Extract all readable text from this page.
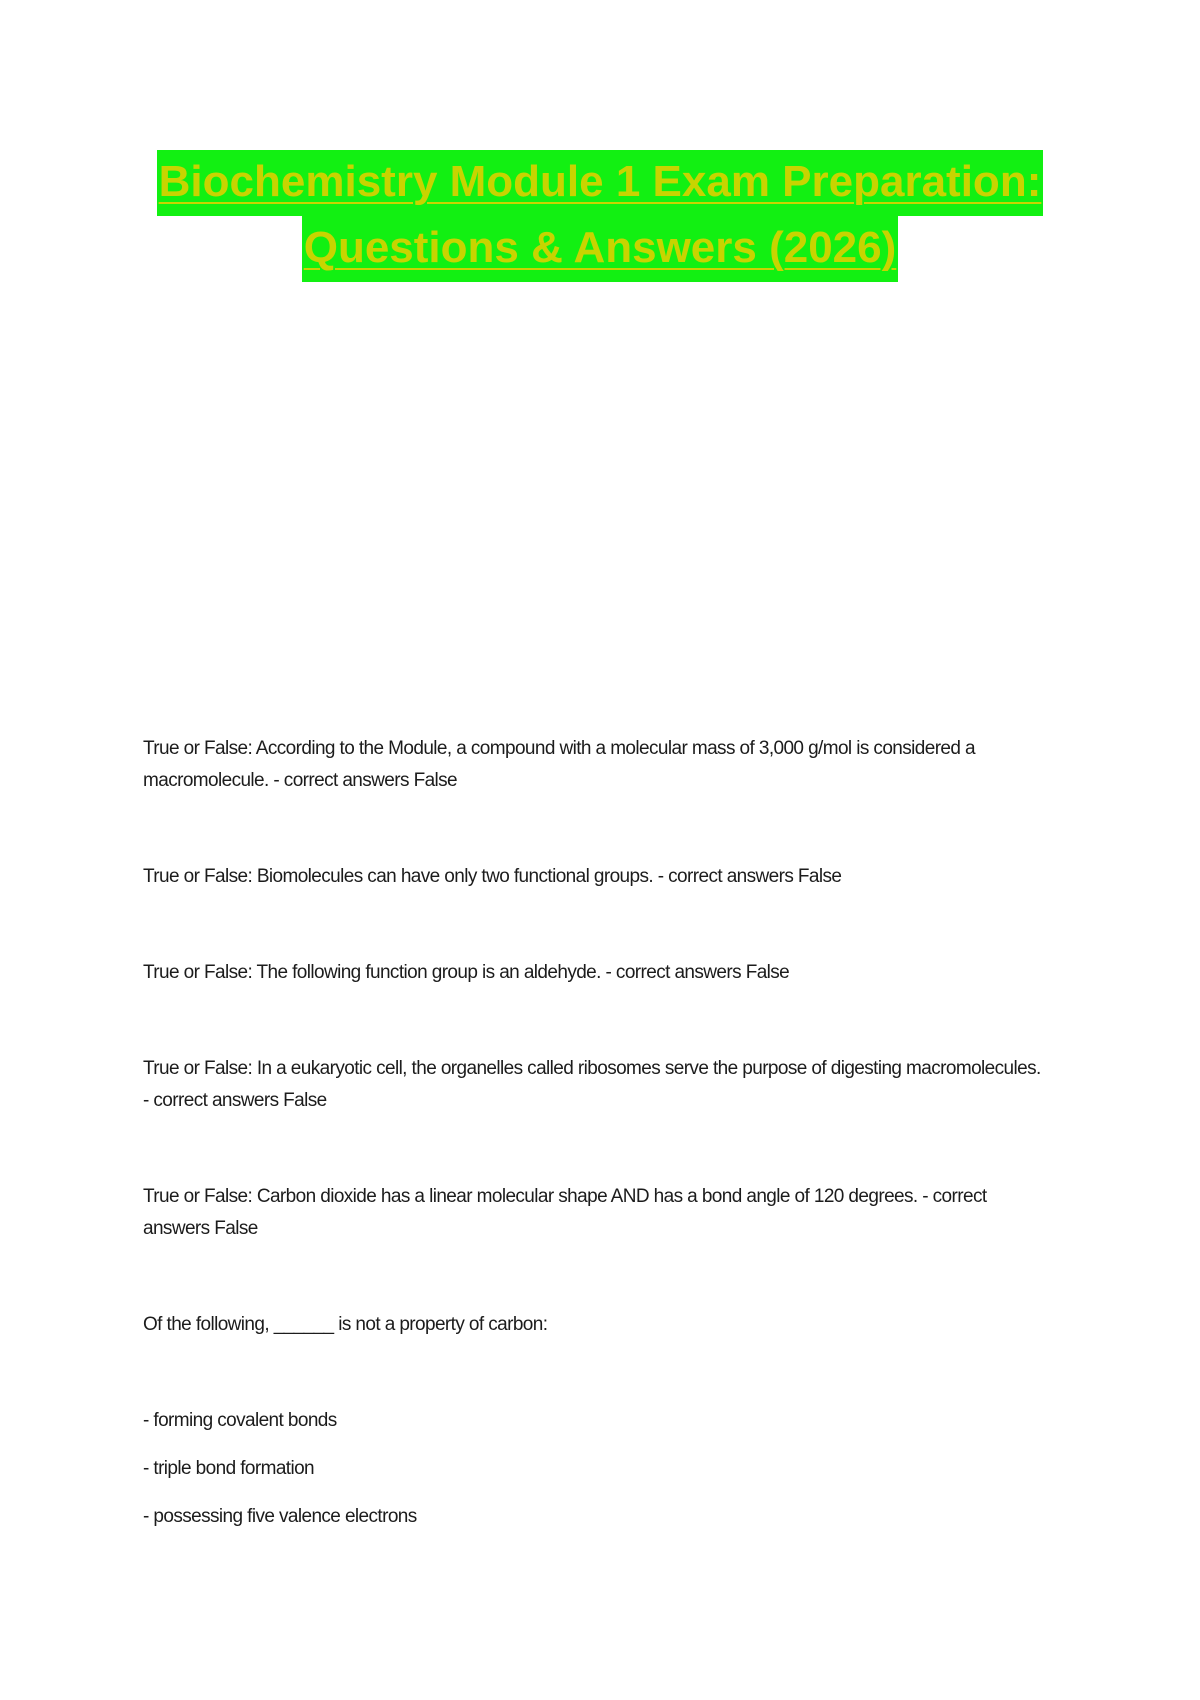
Biochemistry Module 1 Exam Preparation:
Questions & Answers (2026)

True or False: According to the Module, a compound with a molecular mass of 3,000 g/mol is considered a macromolecule. - correct answers False

True or False: Biomolecules can have only two functional groups. - correct answers False

True or False: The following function group is an aldehyde. - correct answers False

True or False: In a eukaryotic cell, the organelles called ribosomes serve the purpose of digesting macromolecules. - correct answers False

True or False: Carbon dioxide has a linear molecular shape AND has a bond angle of 120 degrees. - correct answers False

Of the following, ______ is not a property of carbon:

- forming covalent bonds

- triple bond formation

- possessing five valence electrons
